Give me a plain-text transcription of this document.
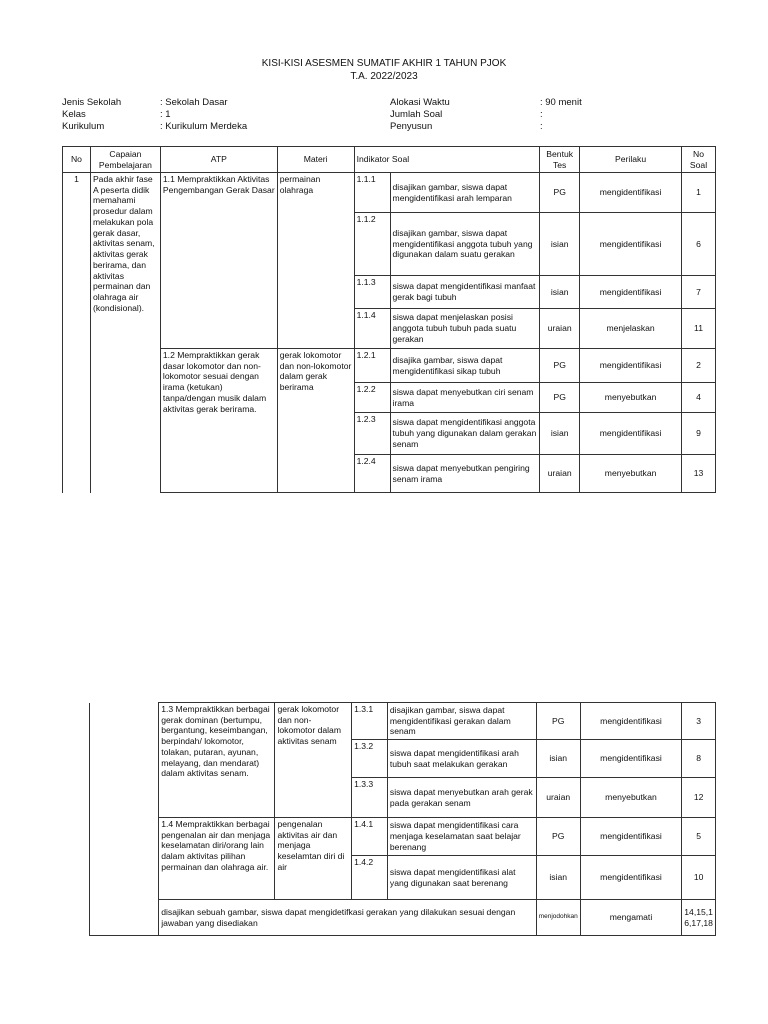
KISI-KISI ASESMEN SUMATIF AKHIR 1 TAHUN PJOK
T.A. 2022/2023
Jenis Sekolah	: Sekolah Dasar
Kelas	: 1
Kurikulum	: Kurikulum Merdeka
Alokasi Waktu	: 90 menit
Jumlah Soal	:
Penyusun	:
No	Capaian Pembelajaran	ATP	Materi	Indikator Soal		Bentuk Tes	Perilaku	No Soal
1	Pada akhir fase A peserta didik memahami prosedur dalam melakukan pola gerak dasar, aktivitas senam, aktivitas gerak berirama, dan aktivitas permainan dan olahraga air (kondisional).	1.1 Mempraktikkan Aktivitas Pengembangan Gerak Dasar	permainan olahraga	1.1.1	disajikan gambar, siswa dapat mengidentifikasi arah lemparan	PG	mengidentifikasi	1
				1.1.2	disajikan gambar, siswa dapat mengidentifikasi anggota tubuh yang digunakan dalam suatu gerakan	isian	mengidentifikasi	6
				1.1.3	siswa dapat mengidentifikasi manfaat gerak bagi tubuh	isian	mengidentifikasi	7
				1.1.4	siswa dapat menjelaskan posisi anggota tubuh tubuh pada suatu gerakan	uraian	menjelaskan	11
		1.2 Mempraktikkan gerak dasar lokomotor dan non-lokomotor sesuai dengan irama (ketukan) tanpa/dengan musik dalam aktivitas gerak berirama.	gerak lokomotor dan non-lokomotor dalam gerak berirama	1.2.1	disajika gambar, siswa dapat mengidentifikasi sikap tubuh	PG	mengidentifikasi	2
				1.2.2	siswa dapat menyebutkan ciri senam irama	PG	menyebutkan	4
				1.2.3	siswa dapat mengidentifikasi anggota tubuh yang digunakan dalam gerakan senam	isian	mengidentifikasi	9
				1.2.4	siswa dapat menyebutkan pengiring senam irama	uraian	menyebutkan	13
		1.3 Mempraktikkan berbagai gerak dominan (bertumpu, bergantung, keseimbangan, berpindah/ lokomotor, tolakan, putaran, ayunan, melayang, dan mendarat) dalam aktivitas senam.	gerak lokomotor dan non-lokomotor dalam aktivitas senam	1.3.1	disajikan gambar, siswa dapat mengidentifikasi gerakan dalam senam	PG	mengidentifikasi	3
				1.3.2	siswa dapat mengidentifikasi arah tubuh saat melakukan gerakan	isian	mengidentifikasi	8
				1.3.3	siswa dapat menyebutkan arah gerak pada gerakan senam	uraian	menyebutkan	12
		1.4 Mempraktikkan berbagai pengenalan air dan menjaga keselamatan diri/orang lain dalam aktivitas pilihan permainan dan olahraga air.	pengenalan aktivitas air dan menjaga keselamtan diri di air	1.4.1	siswa dapat mengidentifikasi cara menjaga keselamatan saat belajar berenang	PG	mengidentifikasi	5
				1.4.2	siswa dapat mengidentifikasi alat yang digunakan saat berenang	isian	mengidentifikasi	10
		disajikan sebuah gambar, siswa dapat mengidetifkasi gerakan yang dilakukan sesuai dengan jawaban yang disediakan				menjodohkan	mengamati	14,15,16,17,18
